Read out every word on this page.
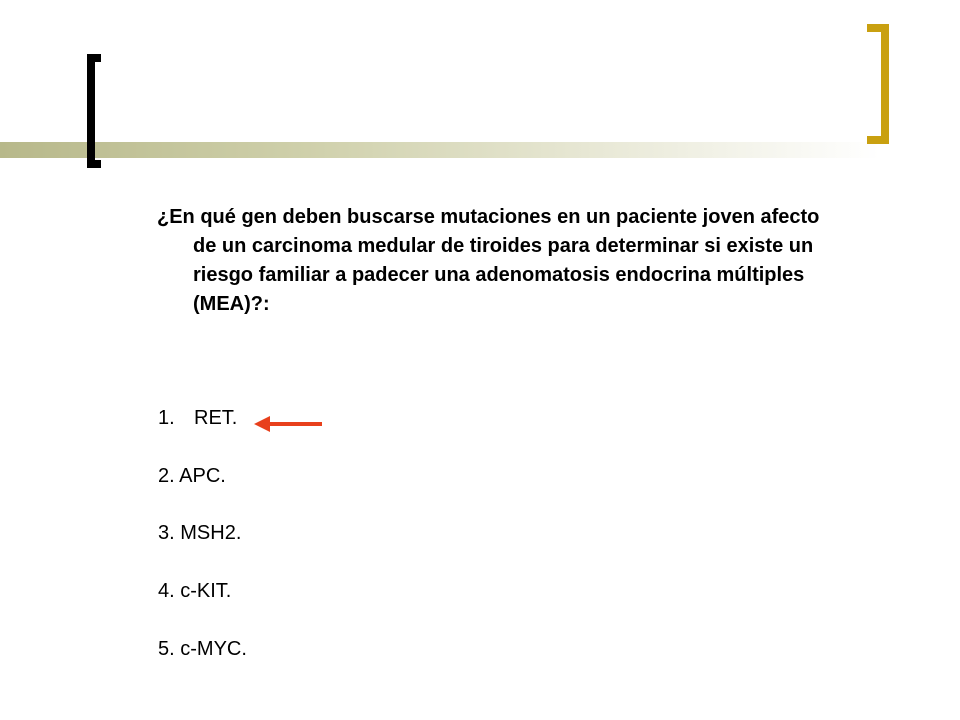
¿En qué gen deben buscarse mutaciones en un paciente joven afecto de un carcinoma medular de tiroides para determinar si existe un riesgo familiar a padecer una adenomatosis endocrina múltiples (MEA)?:

1. RET.
2. APC.
3. MSH2.
4. c-KIT.
5. c-MYC.
